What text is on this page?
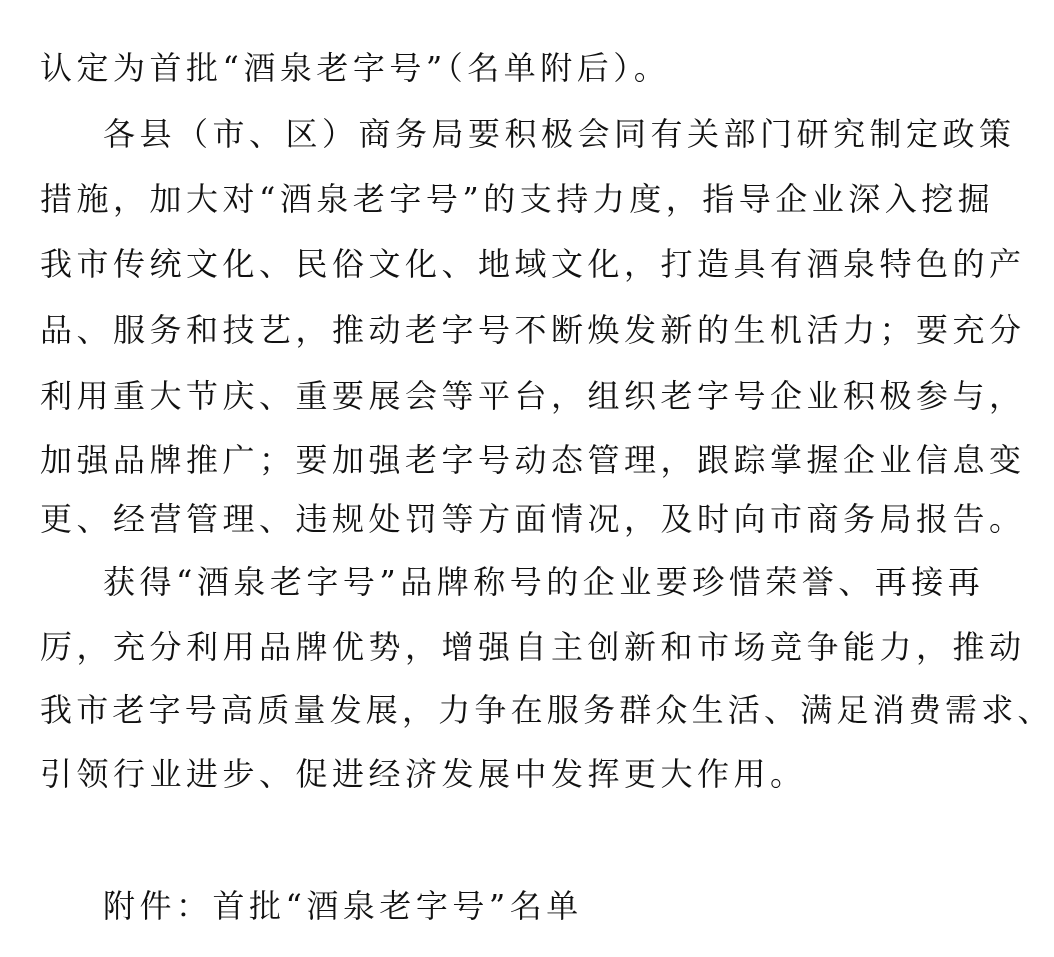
认定为首批“酒泉老字号”（名单附后）。
各县（市、区）商务局要积极会同有关部门研究制定政策
措施，加大对“酒泉老字号”的支持力度，指导企业深入挖掘
我市传统文化、民俗文化、地域文化，打造具有酒泉特色的产
品、服务和技艺，推动老字号不断焕发新的生机活力；要充分
利用重大节庆、重要展会等平台，组织老字号企业积极参与，
加强品牌推广；要加强老字号动态管理，跟踪掌握企业信息变
更、经营管理、违规处罚等方面情况，及时向市商务局报告。
获得“酒泉老字号”品牌称号的企业要珍惜荣誉、再接再
厉，充分利用品牌优势，增强自主创新和市场竞争能力，推动
我市老字号高质量发展，力争在服务群众生活、满足消费需求、
引领行业进步、促进经济发展中发挥更大作用。
附件：首批“酒泉老字号”名单
